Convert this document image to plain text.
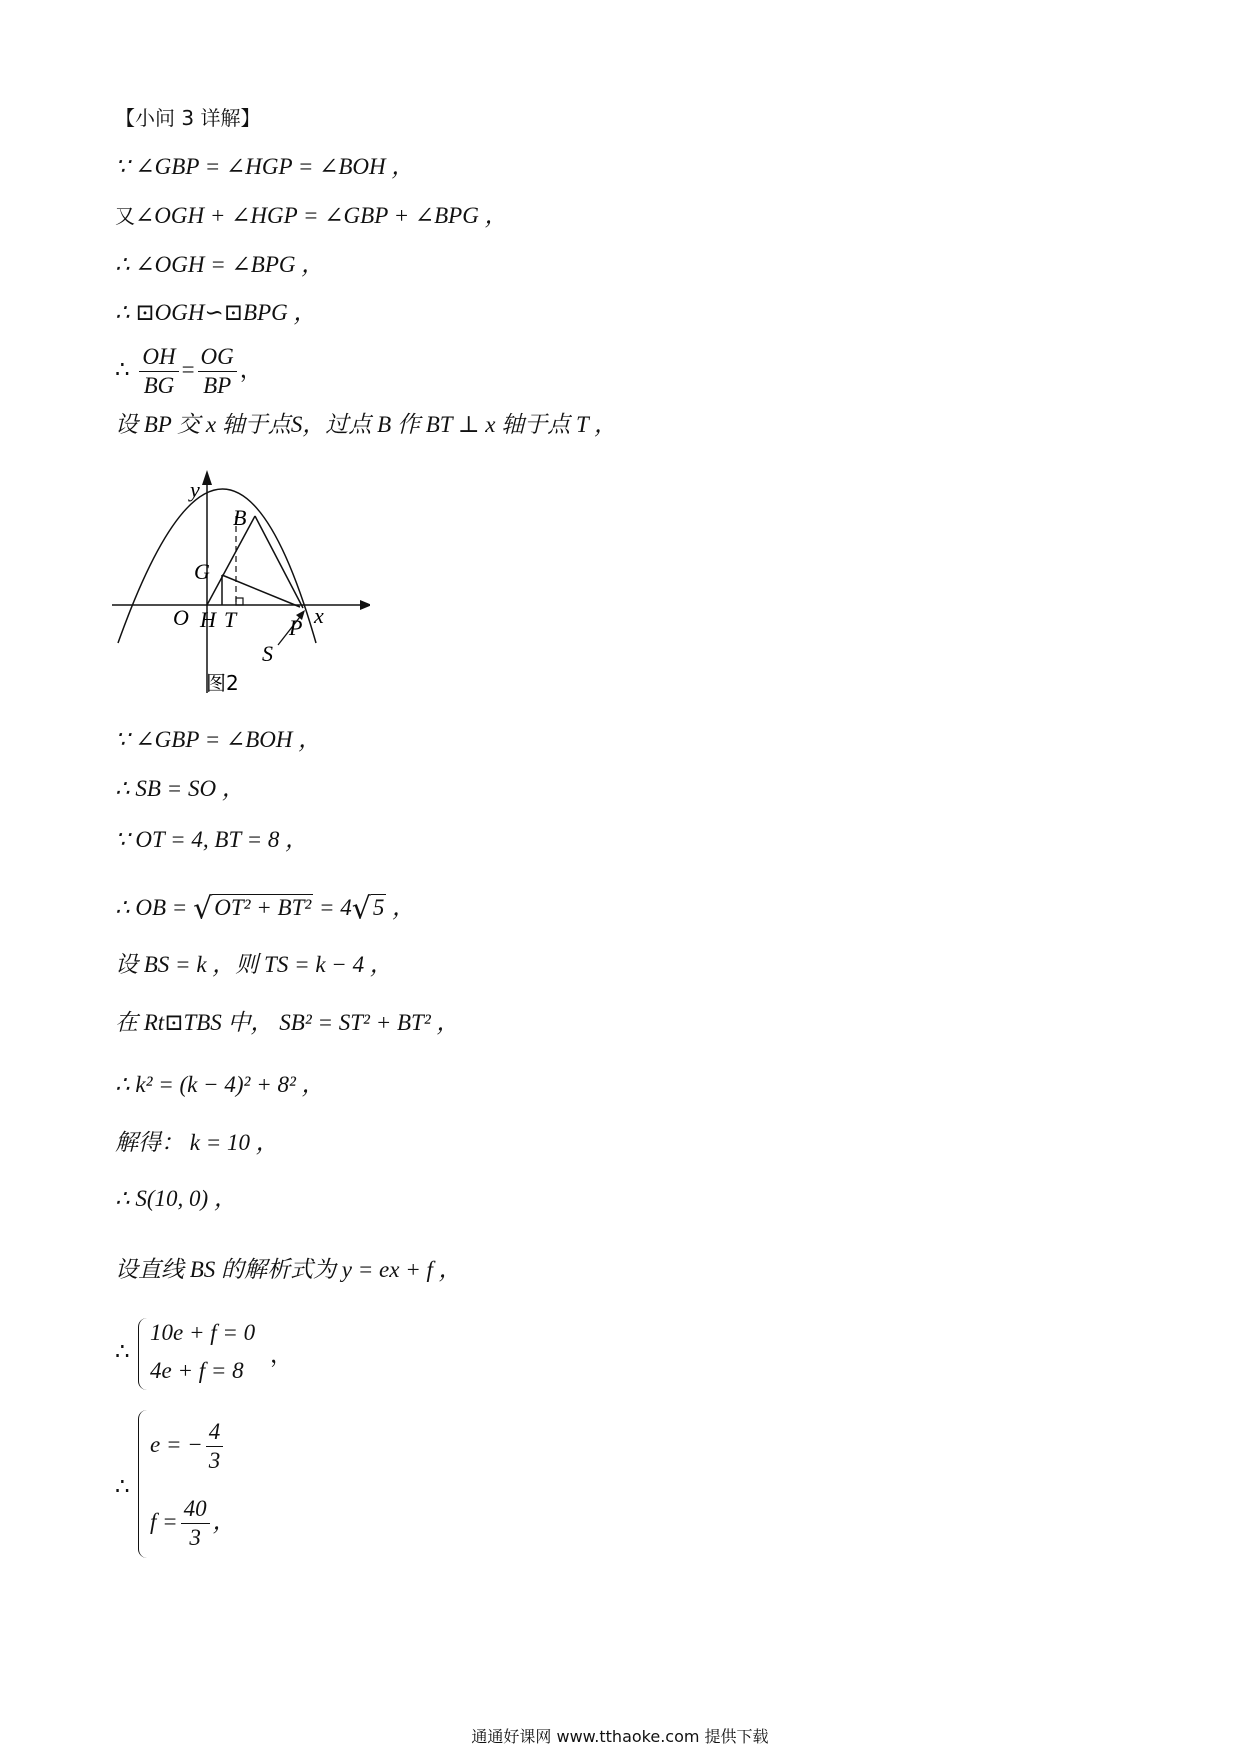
【小问 3 详解】
∵ ∠GBP = ∠HGP = ∠BOH ，
又∠OGH + ∠HGP = ∠GBP + ∠BPG ，
∴ ∠OGH = ∠BPG ，
∴ ⊡OGH∽⊡BPG ，
∴ $\frac{OH}{BG} = \frac{OG}{BP}$ ，
设 BP 交 x 轴于点S，过点 B 作 BT ⊥ x 轴于点 T ，
y
x
B
G
O H T P
S
图2
∵ ∠GBP = ∠BOH ，
∴ SB = SO ，
∵ OT = 4, BT = 8 ，
∴ OB = √OT² + BT² = 4√5 ，
设 BS = k ，则 TS = k − 4 ，
在 Rt⊡TBS 中， SB² = ST² + BT² ，
∴ k² = (k − 4)² + 8² ，
解得： k = 10 ，
∴ S(10, 0) ，
设直线 BS 的解析式为 y = ex + f ，
∴
10e + f = 0
4e + f = 8
，
∴
e = − $\frac{4}{3}$
$f = \frac{40}{3}$ ，
通通好课网 www.tthaoke.com 提供下载
